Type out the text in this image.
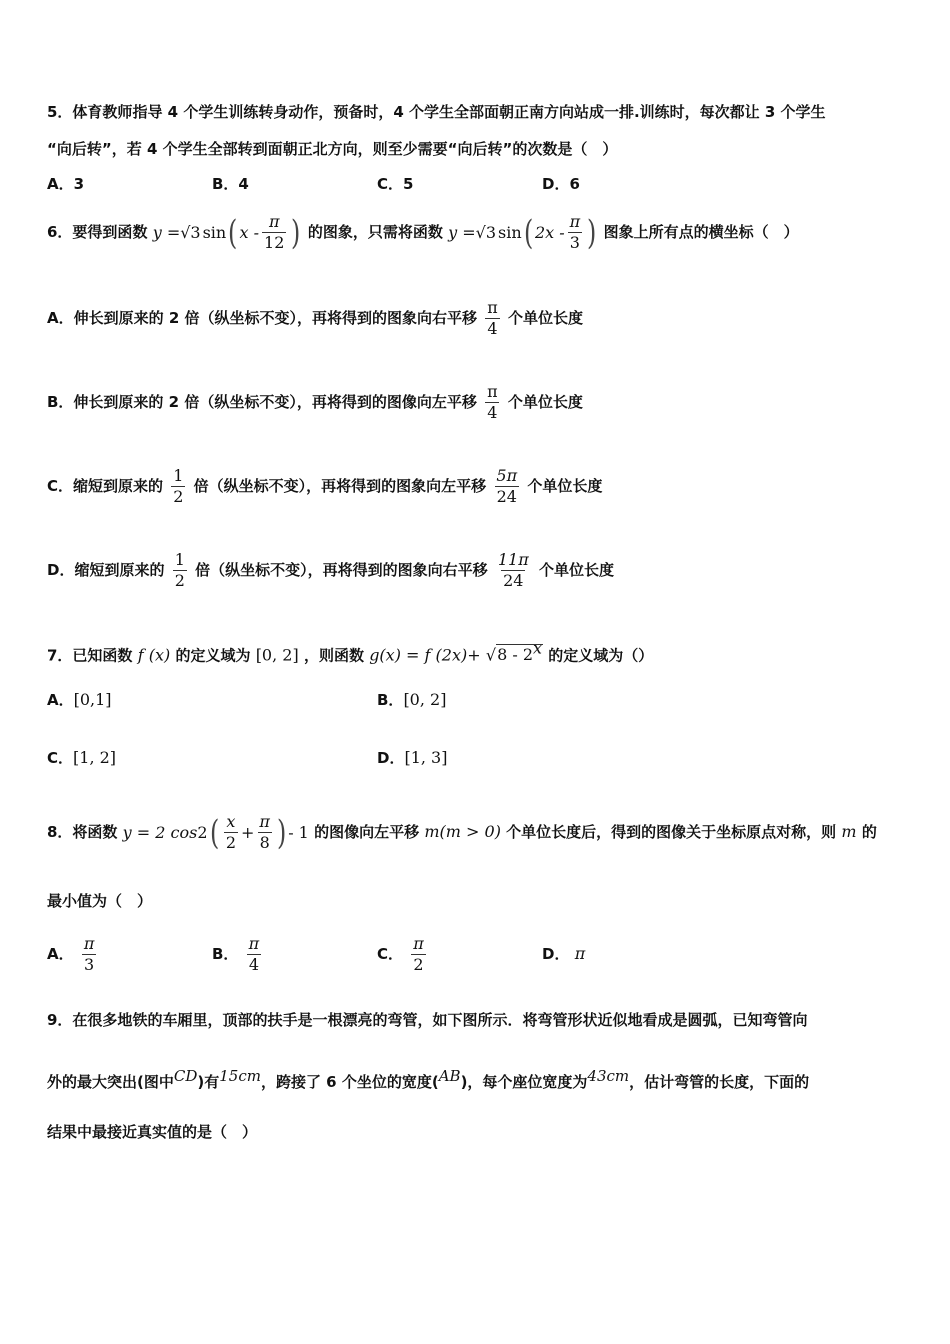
5．体育教师指导 4 个学生训练转身动作，预备时，4 个学生全部面朝正南方向站成一排.训练时，每次都让 3 个学生
“向后转”，若 4 个学生全部转到面朝正北方向，则至少需要“向后转”的次数是（　）
A．3	B．4	C．5	D．6
6．要得到函数 y = √3 sin ( x - $\frac{\pi}{12}$ ) 的图象，只需将函数 y = √3 sin ( $2x - \frac{\pi}{3}$ ) 图象上所有点的横坐标（　）
A．伸长到原来的 2 倍（纵坐标不变），再将得到的图象向右平移 $\frac{\pi}{4}$ 个单位长度
B．伸长到原来的 2 倍（纵坐标不变），再将得到的图像向左平移 $\frac{\pi}{4}$ 个单位长度
C．缩短到原来的 $\frac{1}{2}$ 倍（纵坐标不变），再将得到的图象向左平移 $\frac{5\pi}{24}$ 个单位长度
D．缩短到原来的 $\frac{1}{2}$ 倍（纵坐标不变），再将得到的图象向右平移 $\frac{11\pi}{24}$ 个单位长度
7．已知函数 f (x) 的定义域为 [0, 2] ，则函数 g(x) = f (2x)+ √8 - 2$^x$ 的定义域为（）
A．[0,1]	B．[0, 2]
C．[1, 2]	D．[1, 3]
8．将函数 y = 2 cos 2 ( $\frac{x}{2} + \frac{\pi}{8}$ ) - 1 的图像向左平移 m(m > 0) 个单位长度后，得到的图像关于坐标原点对称，则 m 的
最小值为（　）
A． $\frac{\pi}{3}$	B． $\frac{\pi}{4}$	C． $\frac{\pi}{2}$	D． π
9．在很多地铁的车厢里，顶部的扶手是一根漂亮的弯管，如下图所示．将弯管形状近似地看成是圆弧，已知弯管向
外的最大突出(图中$^{CD}$)有$^{15cm}$，跨接了 6 个坐位的宽度($^{AB}$)，每个座位宽度为$^{43cm}$，估计弯管的长度，下面的
结果中最接近真实值的是（　）
